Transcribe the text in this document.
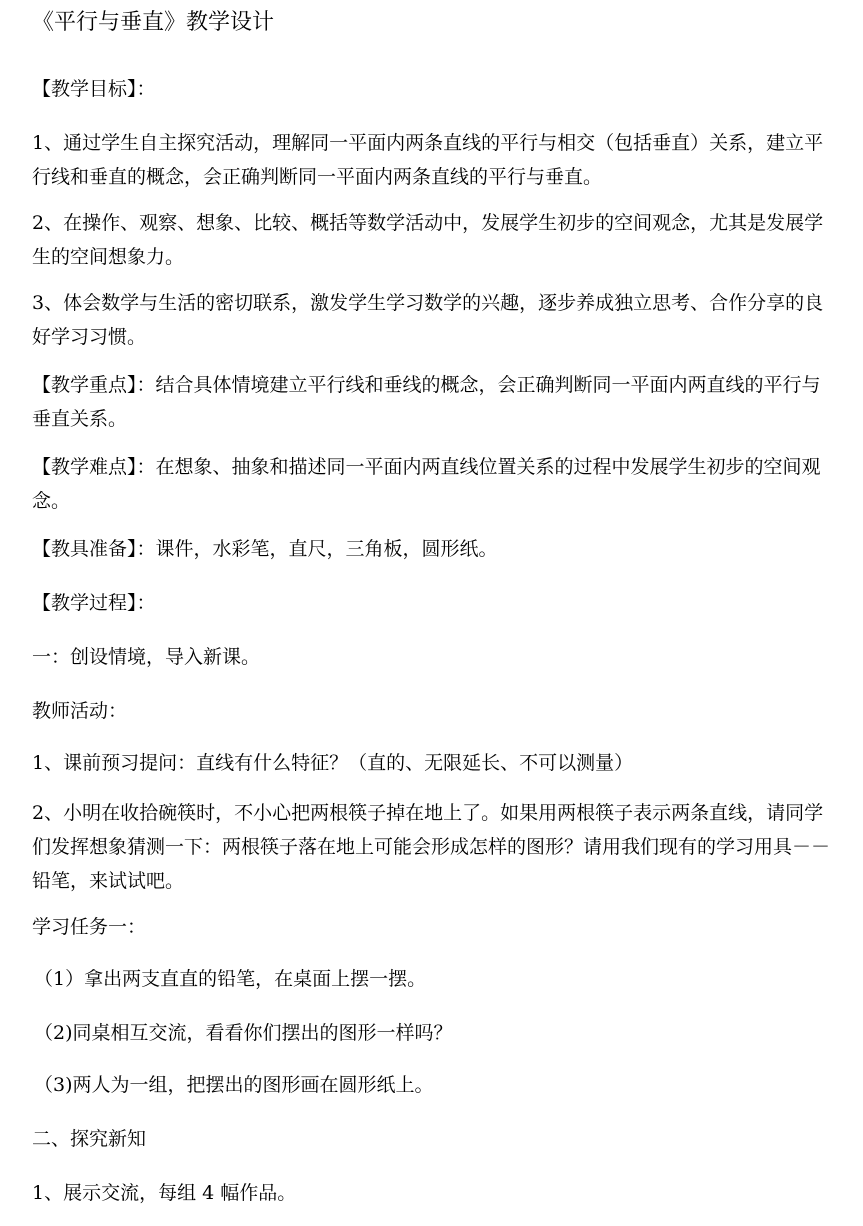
《平行与垂直》教学设计

【教学目标】：

1、通过学生自主探究活动，理解同一平面内两条直线的平行与相交（包括垂直）关系，建立平行线和垂直的概念，会正确判断同一平面内两条直线的平行与垂直。

2、在操作、观察、想象、比较、概括等数学活动中，发展学生初步的空间观念，尤其是发展学生的空间想象力。

3、体会数学与生活的密切联系，激发学生学习数学的兴趣，逐步养成独立思考、合作分享的良好学习习惯。

【教学重点】：结合具体情境建立平行线和垂线的概念，会正确判断同一平面内两直线的平行与垂直关系。

【教学难点】：在想象、抽象和描述同一平面内两直线位置关系的过程中发展学生初步的空间观念。

【教具准备】：课件，水彩笔，直尺，三角板，圆形纸。

【教学过程】：

一：创设情境，导入新课。

教师活动：

1、课前预习提问：直线有什么特征？（直的、无限延长、不可以测量）

2、小明在收拾碗筷时，不小心把两根筷子掉在地上了。如果用两根筷子表示两条直线，请同学们发挥想象猜测一下：两根筷子落在地上可能会形成怎样的图形？请用我们现有的学习用具－－铅笔，来试试吧。

学习任务一：

（1）拿出两支直直的铅笔，在桌面上摆一摆。

（2)同桌相互交流，看看你们摆出的图形一样吗？

（3)两人为一组，把摆出的图形画在圆形纸上。

二、探究新知

1、展示交流，每组 4 幅作品。
